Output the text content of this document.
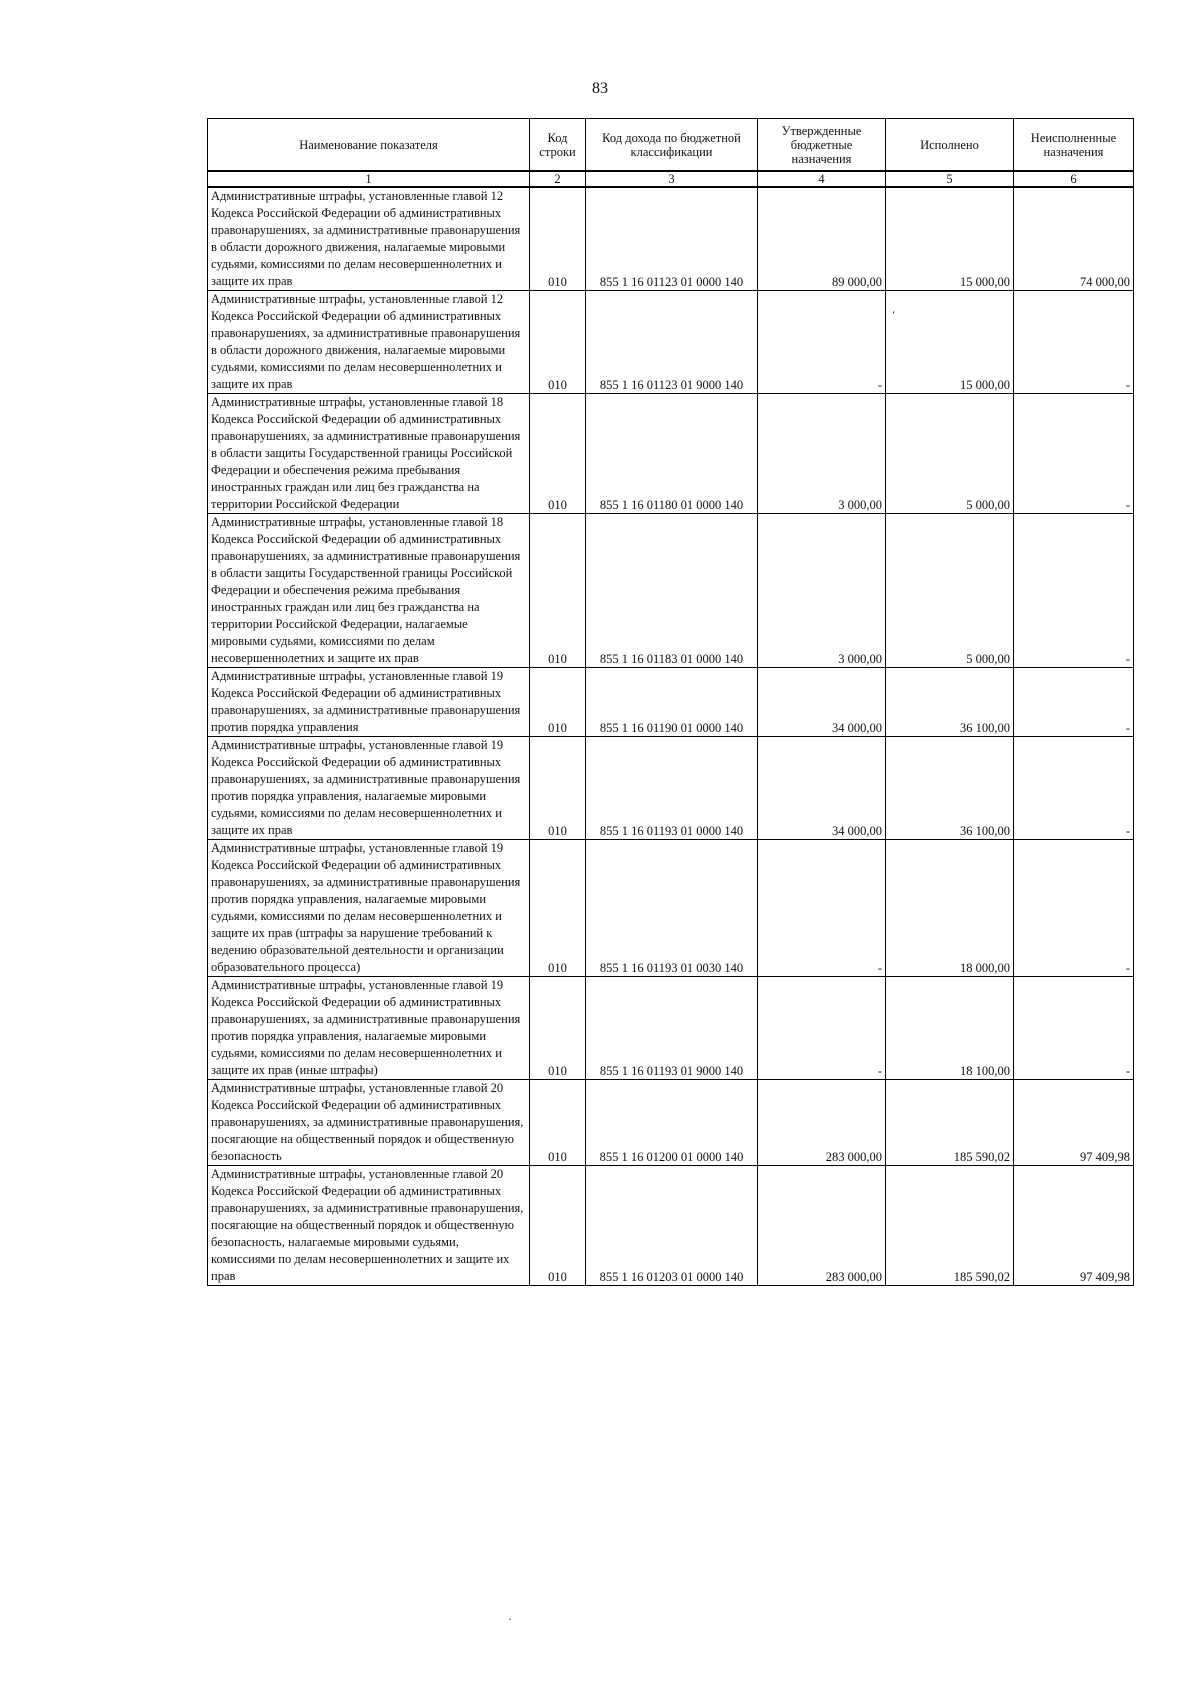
83
Наименование показателя	Код строки	Код дохода по бюджетной классификации	Утвержденные бюджетные назначения	Исполнено	Неисполненные назначения
1	2	3	4	5	6
Административные штрафы, установленные главой 12 Кодекса Российской Федерации об административных правонарушениях, за административные правонарушения в области дорожного движения, налагаемые мировыми судьями, комиссиями по делам несовершеннолетних и защите их прав	010	855 1 16 01123 01 0000 140	89 000,00	15 000,00	74 000,00
Административные штрафы, установленные главой 12 Кодекса Российской Федерации об административных правонарушениях, за административные правонарушения в области дорожного движения, налагаемые мировыми судьями, комиссиями по делам несовершеннолетних и защите их прав	010	855 1 16 01123 01 9000 140	-	15 000,00	-
Административные штрафы, установленные главой 18 Кодекса Российской Федерации об административных правонарушениях, за административные правонарушения в области защиты Государственной границы Российской Федерации и обеспечения режима пребывания иностранных граждан или лиц без гражданства на территории Российской Федерации	010	855 1 16 01180 01 0000 140	3 000,00	5 000,00	-
Административные штрафы, установленные главой 18 Кодекса Российской Федерации об административных правонарушениях, за административные правонарушения в области защиты Государственной границы Российской Федерации и обеспечения режима пребывания иностранных граждан или лиц без гражданства на территории Российской Федерации, налагаемые мировыми судьями, комиссиями по делам несовершеннолетних и защите их прав	010	855 1 16 01183 01 0000 140	3 000,00	5 000,00	-
Административные штрафы, установленные главой 19 Кодекса Российской Федерации об административных правонарушениях, за административные правонарушения против порядка управления	010	855 1 16 01190 01 0000 140	34 000,00	36 100,00	-
Административные штрафы, установленные главой 19 Кодекса Российской Федерации об административных правонарушениях, за административные правонарушения против порядка управления, налагаемые мировыми судьями, комиссиями по делам несовершеннолетних и защите их прав	010	855 1 16 01193 01 0000 140	34 000,00	36 100,00	-
Административные штрафы, установленные главой 19 Кодекса Российской Федерации об административных правонарушениях, за административные правонарушения против порядка управления, налагаемые мировыми судьями, комиссиями по делам несовершеннолетних и защите их прав (штрафы за нарушение требований к ведению образовательной деятельности и организации образовательного процесса)	010	855 1 16 01193 01 0030 140	-	18 000,00	-
Административные штрафы, установленные главой 19 Кодекса Российской Федерации об административных правонарушениях, за административные правонарушения против порядка управления, налагаемые мировыми судьями, комиссиями по делам несовершеннолетних и защите их прав (иные штрафы)	010	855 1 16 01193 01 9000 140	-	18 100,00	-
Административные штрафы, установленные главой 20 Кодекса Российской Федерации об административных правонарушениях, за административные правонарушения, посягающие на общественный порядок и общественную безопасность	010	855 1 16 01200 01 0000 140	283 000,00	185 590,02	97 409,98
Административные штрафы, установленные главой 20 Кодекса Российской Федерации об административных правонарушениях, за административные правонарушения, посягающие на общественный порядок и общественную безопасность, налагаемые мировыми судьями, комиссиями по делам несовершеннолетних и защите их прав	010	855 1 16 01203 01 0000 140	283 000,00	185 590,02	97 409,98
‘
·
